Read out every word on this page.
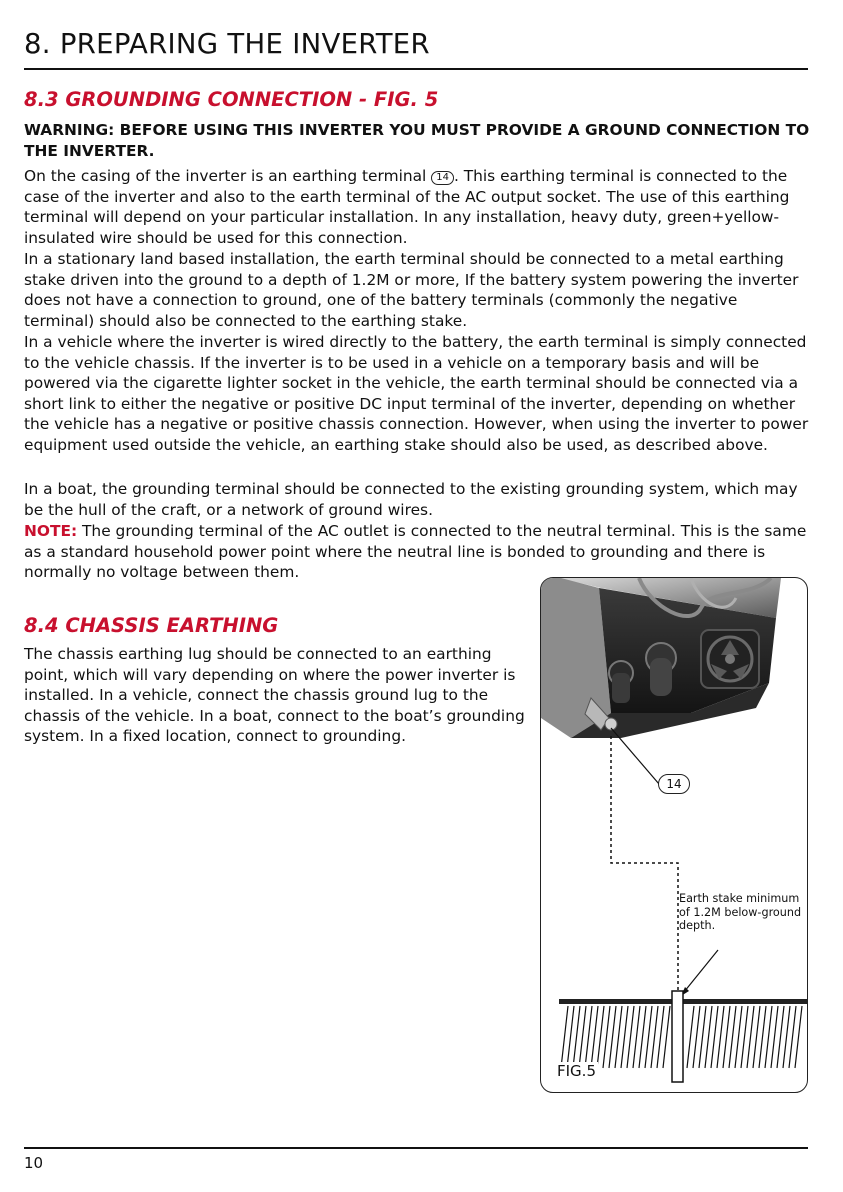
8. PREPARING THE INVERTER
8.3 GROUNDING CONNECTION - FIG. 5

WARNING: BEFORE USING THIS INVERTER YOU MUST PROVIDE A GROUND CONNECTION TO THE INVERTER.

On the casing of the inverter is an earthing terminal 14 . This earthing terminal is connected to the case of the inverter and also to the earth terminal of the AC output socket. The use of this earthing terminal will depend on your particular installation. In any installation, heavy duty, green+yellow-insulated wire should be used for this connection.

In a stationary land based installation, the earth terminal should be connected to a metal earthing stake driven into the ground to a depth of 1.2M or more, If the battery system powering the inverter does not have a connection to ground, one of the battery terminals (commonly the negative terminal) should also be connected to the earthing stake.

In a vehicle where the inverter is wired directly to the battery, the earth terminal is simply connected to the vehicle chassis. If the inverter is to be used in a vehicle on a temporary basis and will be powered via the cigarette lighter socket in the vehicle, the earth terminal should be connected via a short link to either the negative or positive DC input terminal of the inverter, depending on whether the vehicle has a negative or positive chassis connection. However, when using the inverter to power equipment used outside the vehicle, an earthing stake should also be used, as described above.

In a boat, the grounding terminal should be connected to the existing grounding system, which may be the hull of the craft, or a network of ground wires.

NOTE: The grounding terminal of the AC outlet is connected to the neutral terminal. This is the same as a standard household power point where the neutral line is bonded to grounding and there is normally no voltage between them.

8.4 CHASSIS EARTHING

The chassis earthing lug should be connected to an earthing point, which will vary depending on where the power inverter is installed. In a vehicle, connect the chassis ground lug to the chassis of the vehicle. In a boat, connect to the boat’s grounding system. In a fixed location, connect to grounding.

14
Earth stake minimum of 1.2M below-ground depth.
FIG.5
10
